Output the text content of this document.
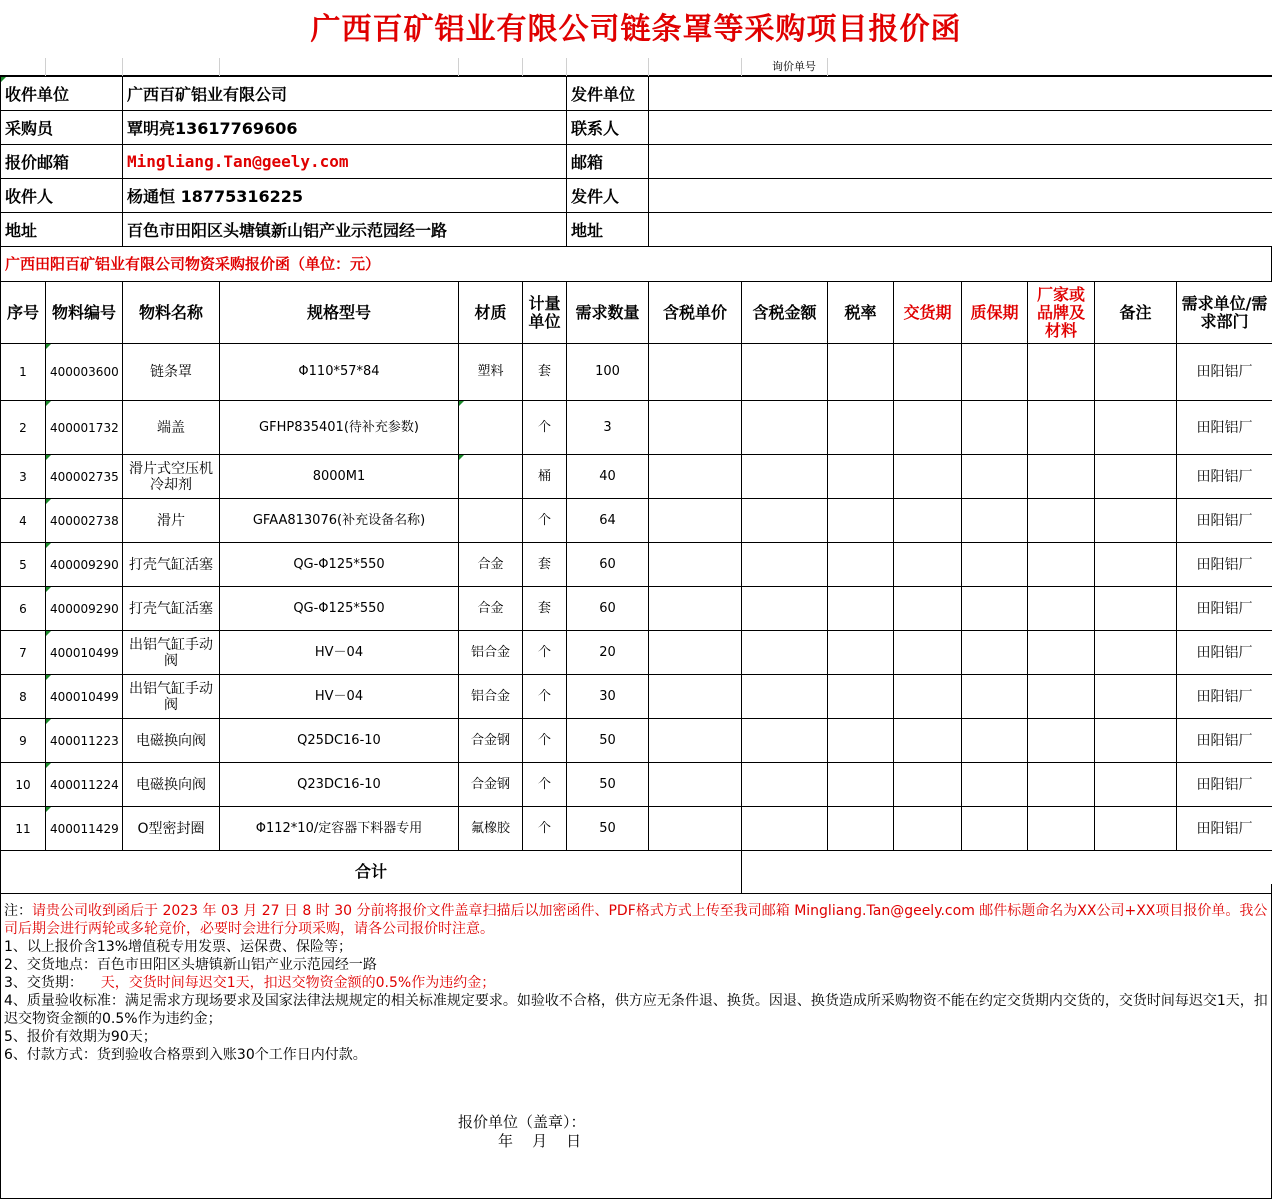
广西百矿铝业有限公司链条罩等采购项目报价函
询价单号
收件单位	广西百矿铝业有限公司	发件单位	
采购员	覃明亮13617769606	联系人	
报价邮箱	Mingliang.Tan@geely.com	邮箱	
收件人	杨通恒 18775316225	发件人	
地址	百色市田阳区头塘镇新山铝产业示范园经一路	地址	
广西田阳百矿铝业有限公司物资采购报价函（单位：元）
序号	物料编号	物料名称	规格型号	材质	计量单位	需求数量	含税单价	含税金额	税率	交货期	质保期	厂家或品牌及材料	备注	需求单位/需求部门
1	400003600	链条罩	Φ110*57*84	塑料	套	100								田阳铝厂
2	400001732	端盖	GFHP835401(待补充参数)		个	3								田阳铝厂
3	400002735	滑片式空压机冷却剂	8000M1		桶	40								田阳铝厂
4	400002738	滑片	GFAA813076(补充设备名称)		个	64								田阳铝厂
5	400009290	打壳气缸活塞	QG-Φ125*550	合金	套	60								田阳铝厂
6	400009290	打壳气缸活塞	QG-Φ125*550	合金	套	60								田阳铝厂
7	400010499	出铝气缸手动阀	HV－04	铝合金	个	20								田阳铝厂
8	400010499	出铝气缸手动阀	HV－04	铝合金	个	30								田阳铝厂
9	400011223	电磁换向阀	Q25DC16-10	合金钢	个	50								田阳铝厂
10	400011224	电磁换向阀	Q23DC16-10	合金钢	个	50								田阳铝厂
11	400011429	O型密封圈	Φ112*10/定容器下料器专用	氟橡胶	个	50								田阳铝厂
合计														

注：请贵公司收到函后于 2023 年 03 月 27 日 8 时 30 分前将报价文件盖章扫描后以加密函件、PDF格式方式上传至我司邮箱 Mingliang.Tan@geely.com 邮件标题命名为XX公司+XX项目报价单。我公司后期会进行两轮或多轮竞价，必要时会进行分项采购，请各公司报价时注意。

1、以上报价含13%增值税专用发票、运保费、保险等；

2、交货地点：百色市田阳区头塘镇新山铝产业示范园经一路

3、交货期：    天，交货时间每迟交1天，扣迟交物资金额的0.5%作为违约金；

4、质量验收标准：满足需求方现场要求及国家法律法规规定的相关标准规定要求。如验收不合格，供方应无条件退、换货。因退、换货造成所采购物资不能在约定交货期内交货的，交货时间每迟交1天，扣迟交物资金额的0.5%作为违约金；

5、报价有效期为90天；

6、付款方式：货到验收合格票到入账30个工作日内付款。

报价单位（盖章）：
年    月    日
